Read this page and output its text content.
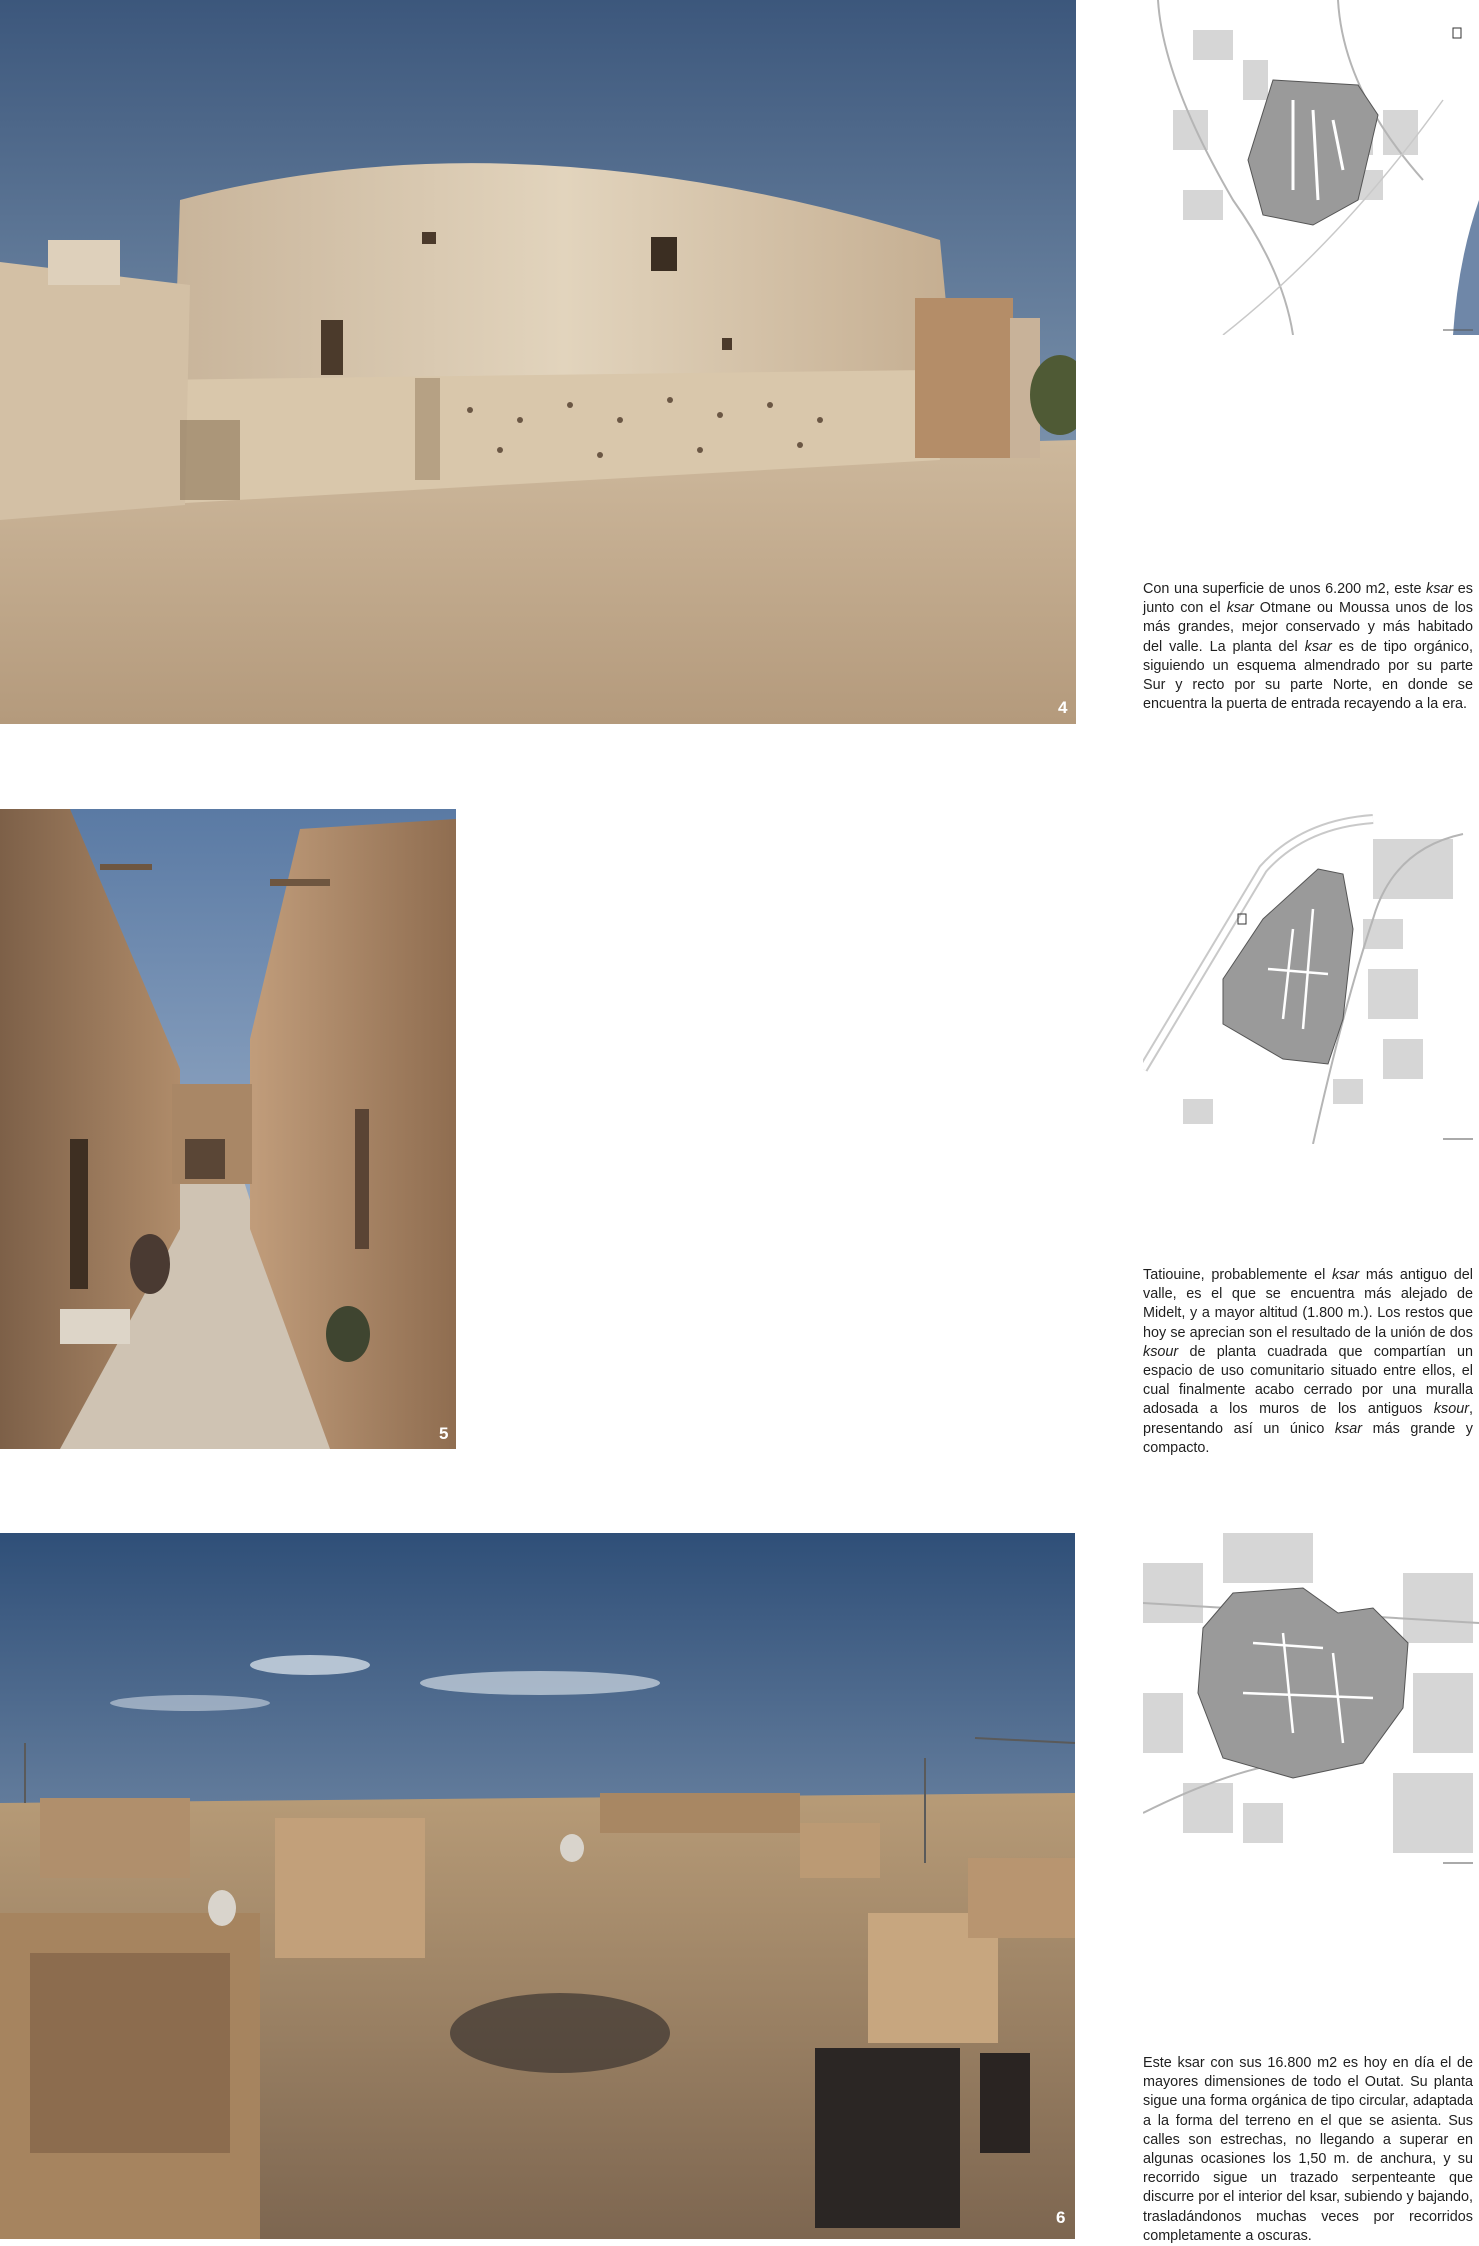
4
5
6
Con una superficie de unos 6.200 m2, este ksar es junto con el ksar Otmane ou Moussa unos de los más grandes, mejor conservado y más habitado del valle. La planta del ksar es de tipo orgánico, siguiendo un esquema almendrado por su parte Sur y recto por su parte Norte, en donde se encuentra la puerta de entrada recayendo a la era.
Tatiouine, probablemente el ksar más antiguo del valle, es el que se encuentra más alejado de Midelt, y a mayor altitud (1.800 m.). Los restos que hoy se aprecian son el resultado de la unión de dos ksour de planta cuadrada que compartían un espacio de uso comunitario situado entre ellos, el cual finalmente acabo cerrado por una muralla adosada a los muros de los antiguos ksour, presentando así un único ksar más grande y compacto.
Este ksar con sus 16.800 m2 es hoy en día el de mayores dimensiones de todo el Outat. Su planta sigue una forma orgánica de tipo circular, adaptada a la forma del terreno en el que se asienta. Sus calles son estrechas, no llegando a superar en algunas ocasiones los 1,50 m. de anchura, y su recorrido sigue un trazado serpenteante que discurre por el interior del ksar, subiendo y bajando, trasladándonos muchas veces por recorridos completamente a oscuras.
